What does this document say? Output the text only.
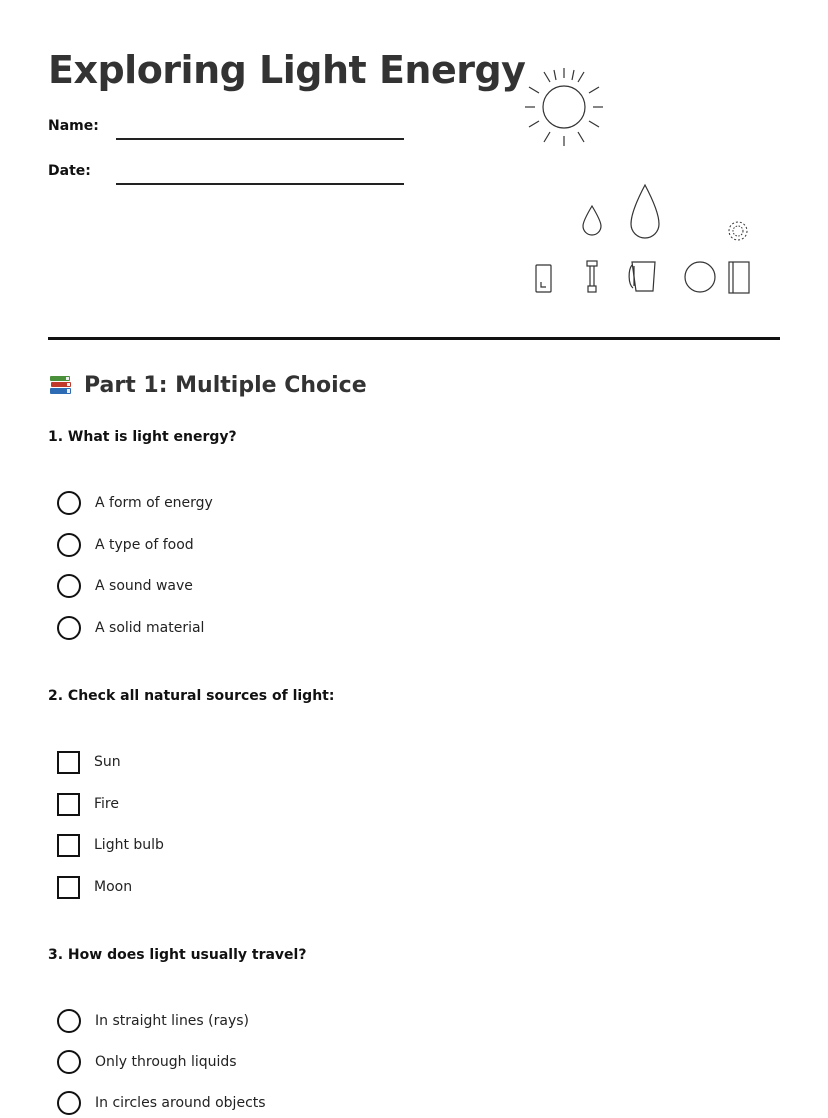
Exploring Light Energy
Name:
Date:
Part 1: Multiple Choice
1. What is light energy?
A form of energy
A type of food
A sound wave
A solid material
2. Check all natural sources of light:
Sun
Fire
Light bulb
Moon
3. How does light usually travel?
In straight lines (rays)
Only through liquids
In circles around objects
